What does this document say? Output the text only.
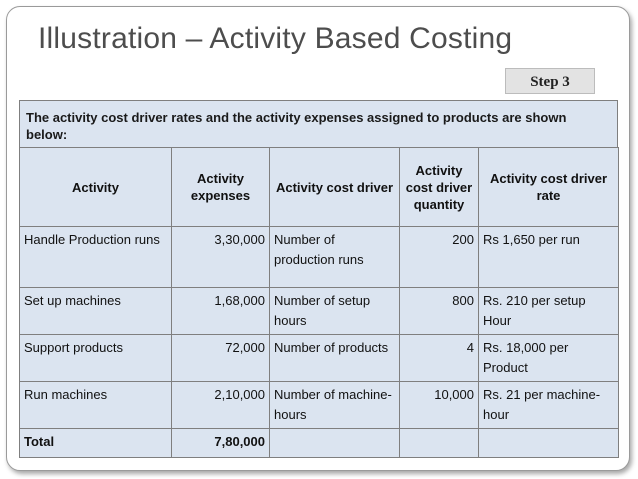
Illustration – Activity Based Costing
Step 3
The activity cost driver rates and the activity expenses assigned to products are shown below:
Activity	Activity expenses	Activity cost driver	Activity cost driver quantity	Activity cost driver rate
Handle Production runs	3,30,000	Number of production runs	200	Rs 1,650 per run
Set up machines	1,68,000	Number of setup hours	800	Rs. 210 per setup Hour
Support products	72,000	Number of products	4	Rs. 18,000 per Product
Run machines	2,10,000	Number of machine-hours	10,000	Rs. 21 per machine-hour
Total	7,80,000			
